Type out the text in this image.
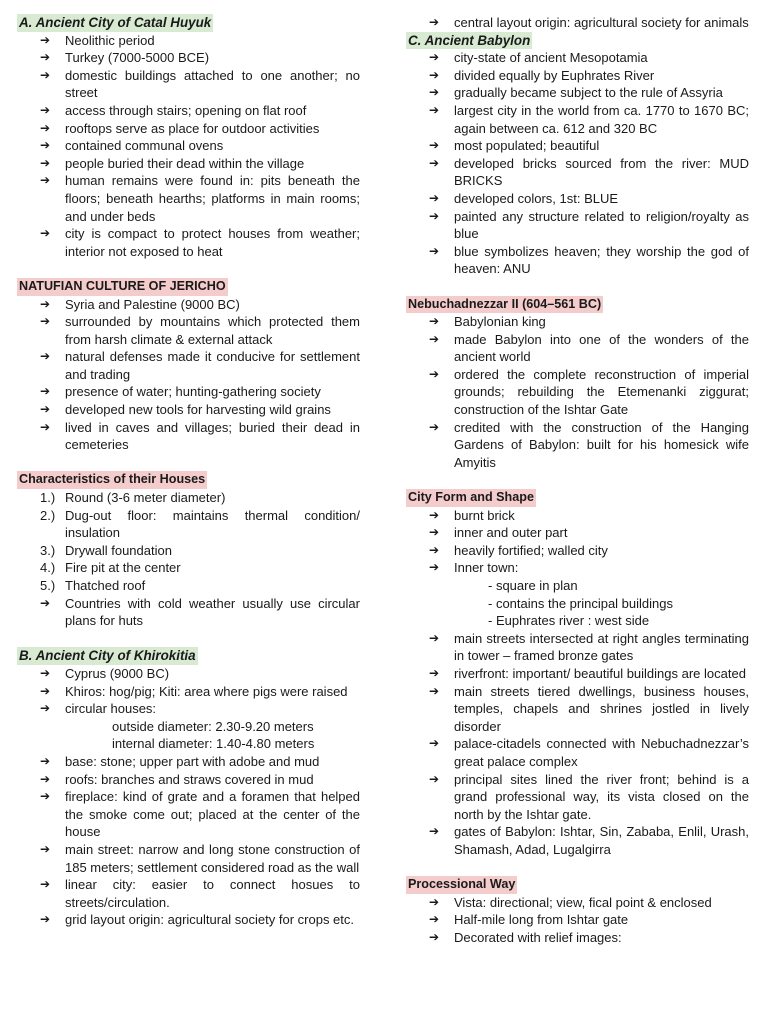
A. Ancient City of Catal Huyuk
➔ Neolithic period
➔ Turkey (7000-5000 BCE)
➔ domestic buildings attached to one another; no street
➔ access through stairs; opening on flat roof
➔ rooftops serve as place for outdoor activities
➔ contained communal ovens
➔ people buried their dead within the village
➔ human remains were found in: pits beneath the floors; beneath hearths; platforms in main rooms; and under beds
➔ city is compact to protect houses from weather; interior not exposed to heat
NATUFIAN CULTURE OF JERICHO
➔ Syria and Palestine (9000 BC)
➔ surrounded by mountains which protected them from harsh climate & external attack
➔ natural defenses made it conducive for settlement and trading
➔ presence of water; hunting-gathering society
➔ developed new tools for harvesting wild grains
➔ lived in caves and villages; buried their dead in cemeteries
Characteristics of their Houses
1.) Round (3-6 meter diameter)
2.) Dug-out floor: maintains thermal condition/ insulation
3.) Drywall foundation
4.) Fire pit at the center
5.) Thatched roof
➔ Countries with cold weather usually use circular plans for huts
B. Ancient City of Khirokitia
➔ Cyprus (9000 BC)
➔ Khiros: hog/pig; Kiti: area where pigs were raised
➔ circular houses:
outside diameter: 2.30-9.20 meters
internal diameter: 1.40-4.80 meters
➔ base: stone; upper part with adobe and mud
➔ roofs: branches and straws covered in mud
➔ fireplace: kind of grate and a foramen that helped the smoke come out; placed at the center of the house
➔ main street: narrow and long stone construction of 185 meters; settlement considered road as the wall
➔ linear city: easier to connect hosues to streets/circulation.
➔ grid layout origin: agricultural society for crops etc.
➔ central layout origin: agricultural society for animals
C. Ancient Babylon
➔ city-state of ancient Mesopotamia
➔ divided equally by Euphrates River
➔ gradually became subject to the rule of Assyria
➔ largest city in the world from ca. 1770 to 1670 BC; again between ca. 612 and 320 BC
➔ most populated; beautiful
➔ developed bricks sourced from the river: MUD BRICKS
➔ developed colors, 1st: BLUE
➔ painted any structure related to religion/royalty as blue
➔ blue symbolizes heaven; they worship the god of heaven: ANU
Nebuchadnezzar II (604–561 BC)
➔ Babylonian king
➔ made Babylon into one of the wonders of the ancient world
➔ ordered the complete reconstruction of imperial grounds; rebuilding the Etemenanki ziggurat; construction of the Ishtar Gate
➔ credited with the construction of the Hanging Gardens of Babylon: built for his homesick wife Amyitis
City Form and Shape
➔ burnt brick
➔ inner and outer part
➔ heavily fortified; walled city
➔ Inner town:
- square in plan
- contains the principal buildings
- Euphrates river : west side
➔ main streets intersected at right angles terminating in tower – framed bronze gates
➔ riverfront: important/ beautiful buildings are located
➔ main streets tiered dwellings, business houses, temples, chapels and shrines jostled in lively disorder
➔ palace-citadels connected with Nebuchadnezzar’s great palace complex
➔ principal sites lined the river front; behind is a grand professional way, its vista closed on the north by the Ishtar gate.
➔ gates of Babylon: Ishtar, Sin, Zababa, Enlil, Urash, Shamash, Adad, Lugalgirra
Processional Way
➔ Vista: directional; view, fical point & enclosed
➔ Half-mile long from Ishtar gate
➔ Decorated with relief images:
